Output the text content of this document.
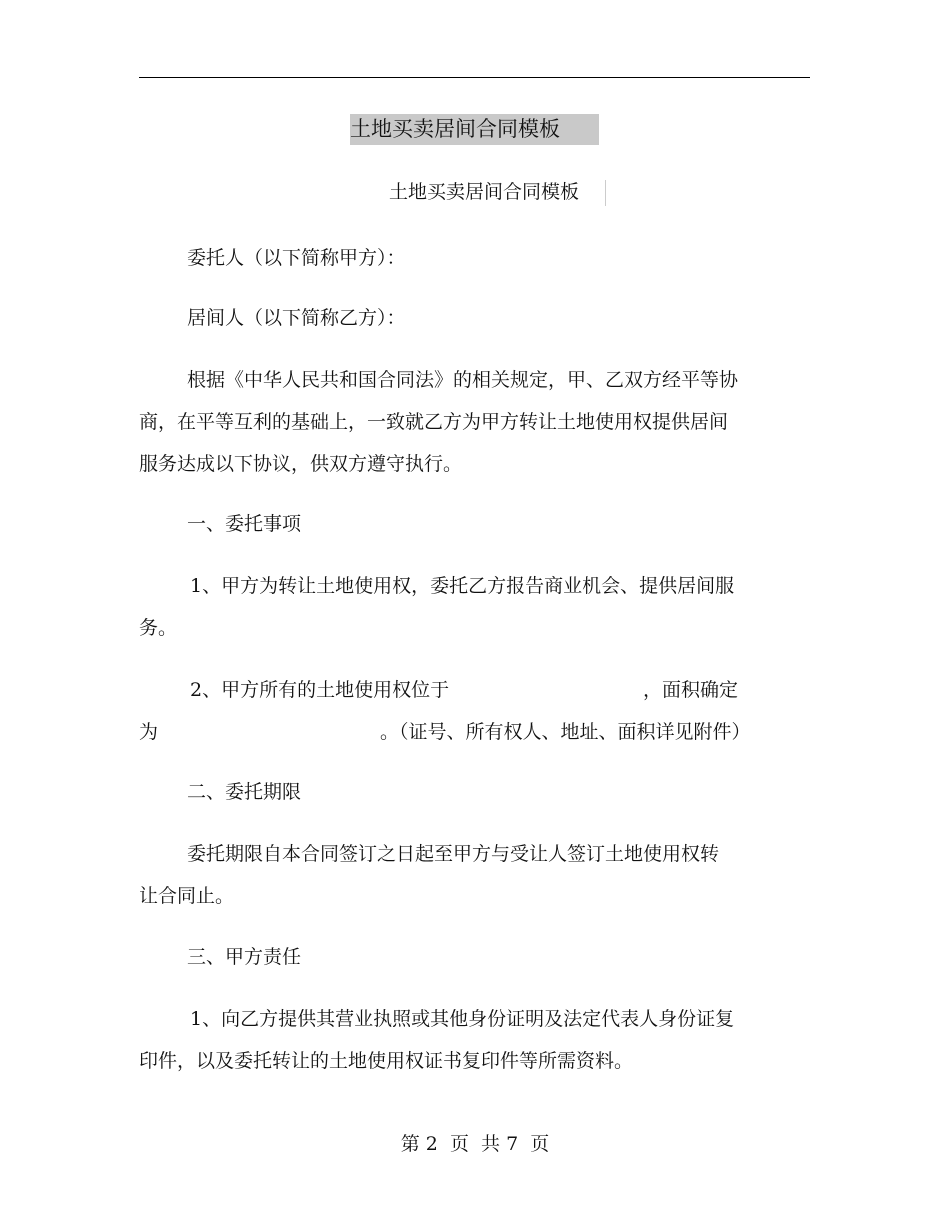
土地买卖居间合同模板
土地买卖居间合同模板
委托人（以下简称甲方）：
居间人（以下简称乙方）：
根据《中华人民共和国合同法》的相关规定，甲、乙双方经平等协
商，在平等互利的基础上，一致就乙方为甲方转让土地使用权提供居间
服务达成以下协议，供双方遵守执行。
一、委托事项
1、甲方为转让土地使用权，委托乙方报告商业机会、提供居间服
务。
2、甲方所有的土地使用权位于	，面积确定
为	。（证号、所有权人、地址、面积详见附件）
二、委托期限
委托期限自本合同签订之日起至甲方与受让人签订土地使用权转
让合同止。
三、甲方责任
1、向乙方提供其营业执照或其他身份证明及法定代表人身份证复
印件，以及委托转让的土地使用权证书复印件等所需资料。
第 2  页  共 7  页
